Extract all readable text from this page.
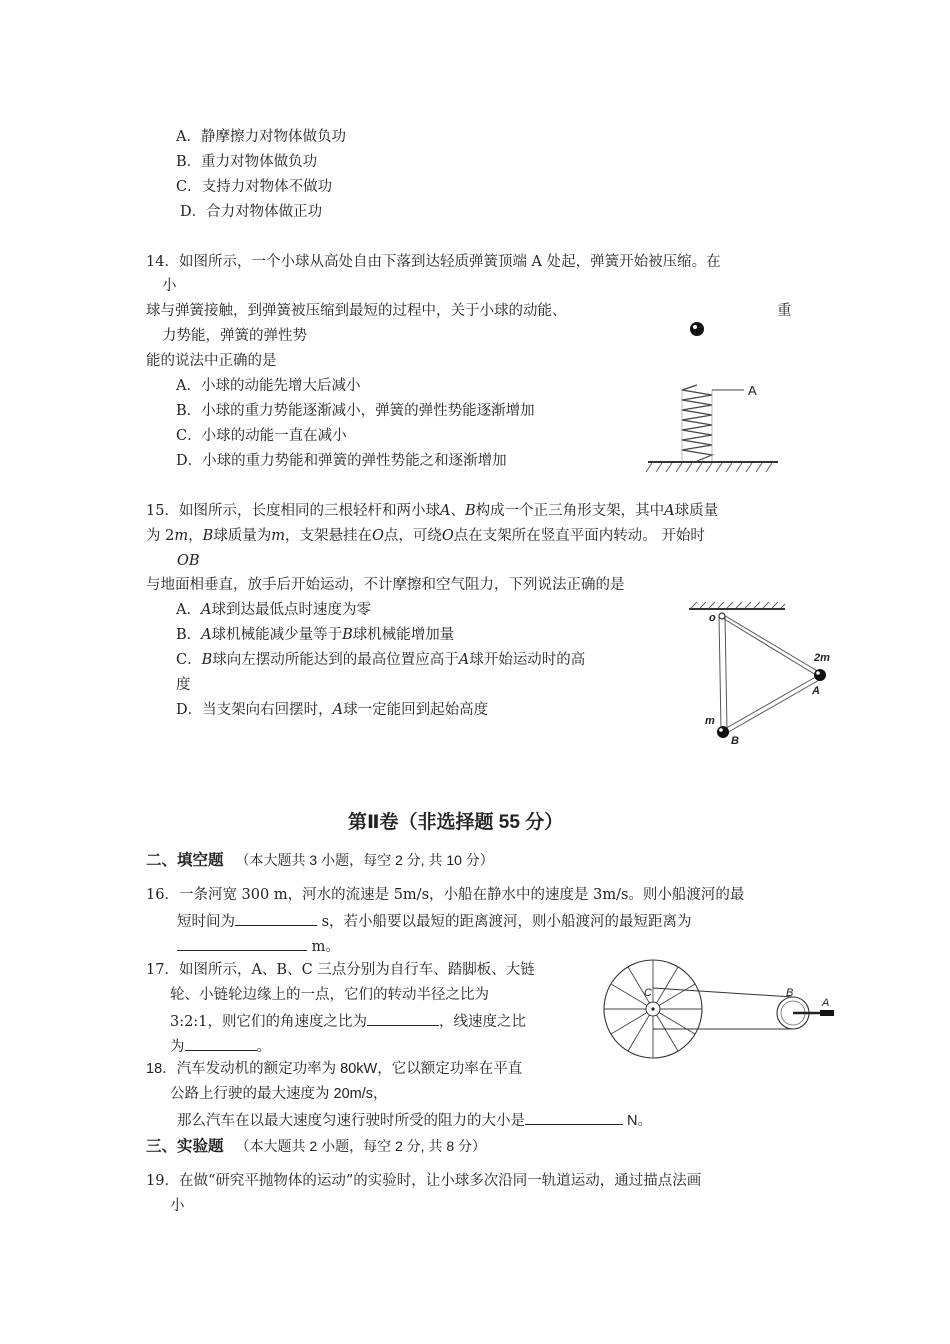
A．静摩擦力对物体做负功
B．重力对物体做负功
C．支持力对物体不做功
D．合力对物体做正功
14．如图所示，一个小球从高处自由下落到达轻质弹簧顶端 A 处起，弹簧开始被压缩。在
小
球与弹簧接触，到弹簧被压缩到最短的过程中，关于小球的动能、	重
力势能，弹簧的弹性势
能的说法中正确的是
A．小球的动能先增大后减小
B．小球的重力势能逐渐减小，弹簧的弹性势能逐渐增加
C．小球的动能一直在减小
D．小球的重力势能和弹簧的弹性势能之和逐渐增加
A
15．如图所示，长度相同的三根轻杆和两小球A、B构成一个正三角形支架，其中A球质量
为 2m，B球质量为m，支架悬挂在O点，可绕O点在支架所在竖直平面内转动。 开始时
OB
与地面相垂直，放手后开始运动，不计摩擦和空气阻力，下列说法正确的是
A．A球到达最低点时速度为零
B．A球机械能减少量等于B球机械能增加量
C．B球向左摆动所能达到的最高位置应高于A球开始运动时的高
度
D．当支架向右回摆时，A球一定能回到起始高度
o
2m
A
m
B
第Ⅱ卷（非选择题 55 分）
二、填空题 （本大题共 3 小题，每空 2 分, 共 10 分）
16．一条河宽 300 m，河水的流速是 5m/s，小船在静水中的速度是 3m/s。则小船渡河的最
短时间为	s，若小船要以最短的距离渡河，则小船渡河的最短距离为
m。
17．如图所示，A、B、C 三点分别为自行车、踏脚板、大链
轮、小链轮边缘上的一点，它们的转动半径之比为
3:2:1，则它们的角速度之比为	，线速度之比
为	。
C	B
A
18．汽车发动机的额定功率为 80kW，它以额定功率在平直
公路上行驶的最大速度为 20m/s，
那么汽车在以最大速度匀速行驶时所受的阻力的大小是	N。
三、实验题 （本大题共 2 小题，每空 2 分, 共 8 分）
19．在做“研究平抛物体的运动”的实验时，让小球多次沿同一轨道运动，通过描点法画
小
